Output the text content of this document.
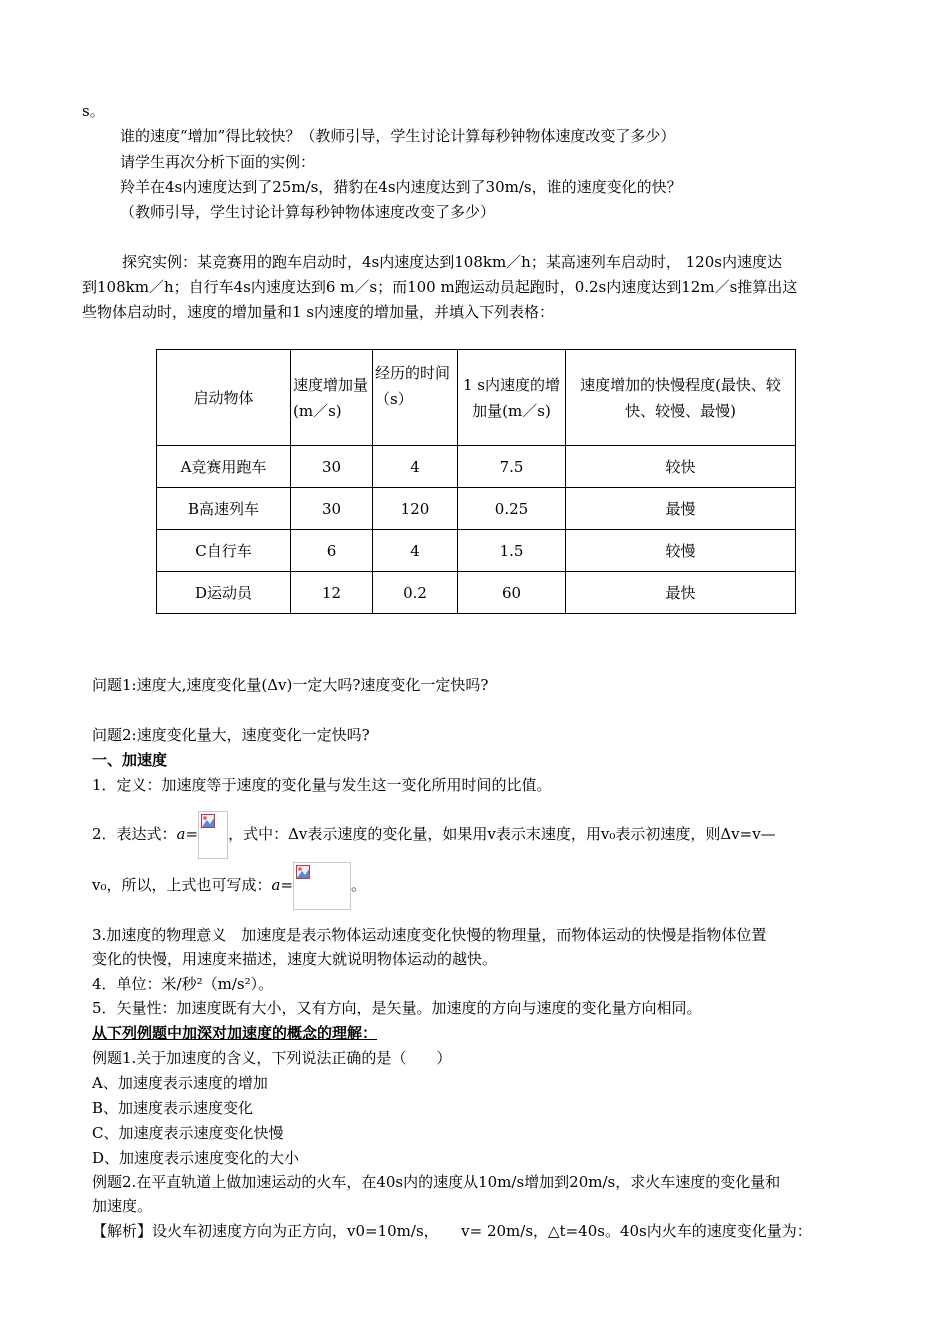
s。
谁的速度“增加”得比较快？（教师引导，学生讨论计算每秒钟物体速度改变了多少）
请学生再次分析下面的实例：
羚羊在4s内速度达到了25m/s，猎豹在4s内速度达到了30m/s，谁的速度变化的快？
（教师引导，学生讨论计算每秒钟物体速度改变了多少）
探究实例：某竞赛用的跑车启动时，4s内速度达到108km／h；某高速列车启动时， 120s内速度达
到108km／h；自行车4s内速度达到6 m／s；而100 m跑运动员起跑时，0.2s内速度达到12m／s推算出这
些物体启动时，速度的增加量和1 s内速度的增加量，并填入下列表格：
启动物体	速度增加量(m／s)	经历的时间（s）	1 s内速度的增加量(m／s)	速度增加的快慢程度(最快、较快、较慢、最慢)
A竞赛用跑车	30	4	7.5	较快
B高速列车	30	120	0.25	最慢
C自行车	6	4	1.5	较慢
D运动员	12	0.2	60	最快
问题1:速度大,速度变化量(Δv)一定大吗?速度变化一定快吗?
问题2:速度变化量大，速度变化一定快吗?
一、加速度
1．定义：加速度等于速度的变化量与发生这一变化所用时间的比值。
2．表达式：a= ，式中：Δv表示速度的变化量，如果用v表示末速度，用v₀表示初速度，则Δv=v—
v₀，所以，上式也可写成：a=	。
3.加速度的物理意义　加速度是表示物体运动速度变化快慢的物理量，而物体运动的快慢是指物体位置
变化的快慢，用速度来描述，速度大就说明物体运动的越快。
4．单位：米/秒²（m/s²）。
5．矢量性：加速度既有大小，又有方向，是矢量。加速度的方向与速度的变化量方向相同。
从下列例题中加深对加速度的概念的理解：
例题1.关于加速度的含义，下列说法正确的是（　　）
A、加速度表示速度的增加
B、加速度表示速度变化
C、加速度表示速度变化快慢
D、加速度表示速度变化的大小
例题2.在平直轨道上做加速运动的火车，在40s内的速度从10m/s增加到20m/s，求火车速度的变化量和
加速度。
【解析】设火车初速度方向为正方向，v0=10m/s，　　v= 20m/s，△t=40s。40s内火车的速度变化量为：
